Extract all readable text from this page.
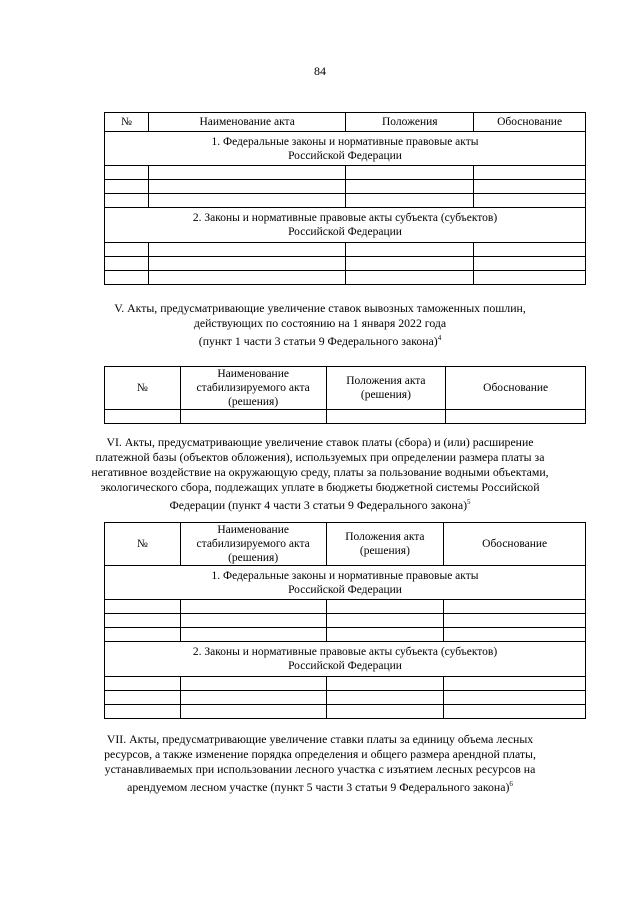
84
№	Наименование акта	Положения	Обоснование

1. Федеральные законы и нормативные правовые акты
Российской Федерации			

2. Законы и нормативные правовые акты субъекта (субъектов)
Российской Федерации			

V. Акты, предусматривающие увеличение ставок вывозных таможенных пошлин,
действующих по состоянию на 1 января 2022 года
(пункт 1 части 3 статьи 9 Федерального закона)$^4$
№	Наименование стабилизируемого акта (решения)	Положения акта (решения)	Обоснование

VI. Акты, предусматривающие увеличение ставок платы (сбора) и (или) расширение
платежной базы (объектов обложения), используемых при определении размера платы за
негативное воздействие на окружающую среду, платы за пользование водными объектами,
экологического сбора, подлежащих уплате в бюджеты бюджетной системы Российской
Федерации (пункт 4 части 3 статьи 9 Федерального закона)$^5$
№	Наименование стабилизируемого акта (решения)	Положения акта (решения)	Обоснование

1. Федеральные законы и нормативные правовые акты
Российской Федерации			

2. Законы и нормативные правовые акты субъекта (субъектов)
Российской Федерации			

VII. Акты, предусматривающие увеличение ставки платы за единицу объема лесных
ресурсов, а также изменение порядка определения и общего размера арендной платы,
устанавливаемых при использовании лесного участка с изъятием лесных ресурсов на
арендуемом лесном участке (пункт 5 части 3 статьи 9 Федерального закона)$^6$
